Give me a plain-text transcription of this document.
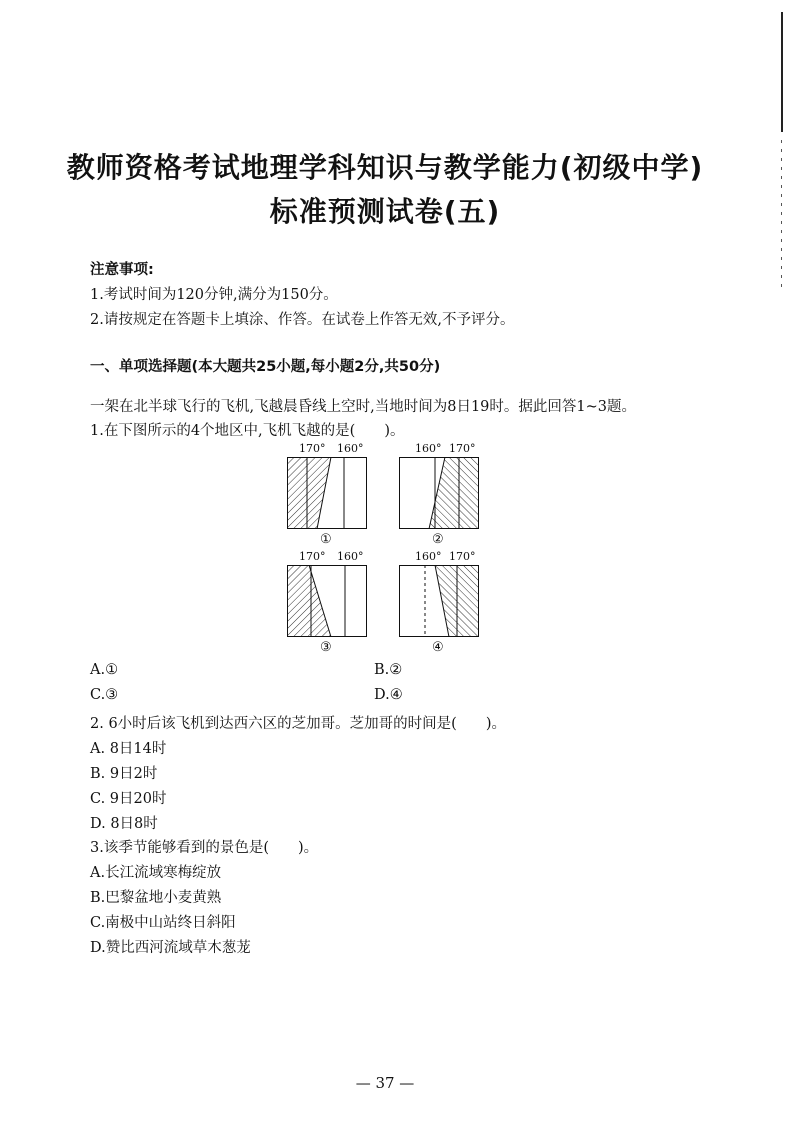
教师资格考试地理学科知识与教学能力(初级中学)
标准预测试卷(五)
注意事项:
1.考试时间为120分钟,满分为150分。
2.请按规定在答题卡上填涂、作答。在试卷上作答无效,不予评分。
一、单项选择题(本大题共25小题,每小题2分,共50分)
一架在北半球飞行的飞机,飞越晨昏线上空时,当地时间为8日19时。据此回答1~3题。
1.在下图所示的4个地区中,飞机飞越的是(　　)。
170° 160°
①
160° 170°
②
170° 160°
③
160° 170°
④
A.①	B.②
C.③	D.④
2. 6小时后该飞机到达西六区的芝加哥。芝加哥的时间是(　　)。
A. 8日14时
B. 9日2时
C. 9日20时
D. 8日8时
3.该季节能够看到的景色是(　　)。
A.长江流域寒梅绽放
B.巴黎盆地小麦黄熟
C.南极中山站终日斜阳
D.赞比西河流域草木葱茏
— 37 —
